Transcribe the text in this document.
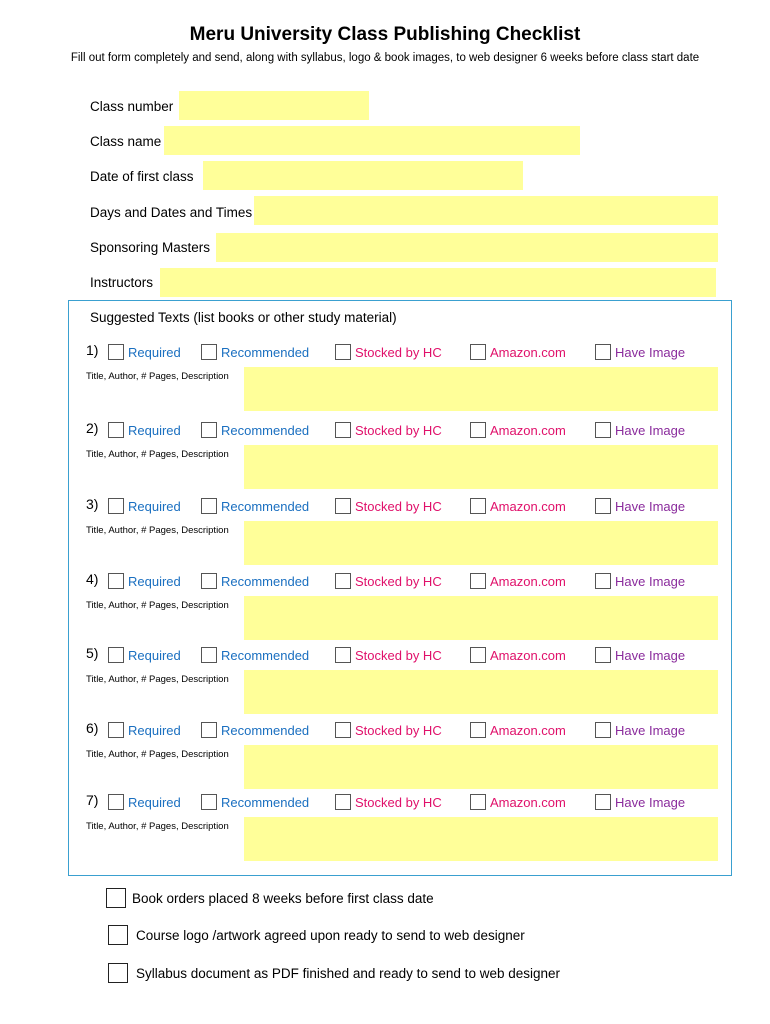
Meru University Class Publishing Checklist
Fill out form completely and send, along with syllabus, logo & book images, to web designer 6 weeks before class start date
Class number
Class name
Date of first class
Days and Dates and Times
Sponsoring Masters
Instructors
Suggested Texts (list books or other study material)
1) Required	Recommended	Stocked by HC	Amazon.com	Have Image
Title, Author, # Pages, Description
2) Required	Recommended	Stocked by HC	Amazon.com	Have Image
Title, Author, # Pages, Description
3) Required	Recommended	Stocked by HC	Amazon.com	Have Image
Title, Author, # Pages, Description
4) Required	Recommended	Stocked by HC	Amazon.com	Have Image
Title, Author, # Pages, Description
5) Required	Recommended	Stocked by HC	Amazon.com	Have Image
Title, Author, # Pages, Description
6) Required	Recommended	Stocked by HC	Amazon.com	Have Image
Title, Author, # Pages, Description
7) Required	Recommended	Stocked by HC	Amazon.com	Have Image
Title, Author, # Pages, Description
Book orders placed 8 weeks before first class date
Course logo /artwork agreed upon ready to send to web designer
Syllabus document as PDF finished and ready to send to web designer
